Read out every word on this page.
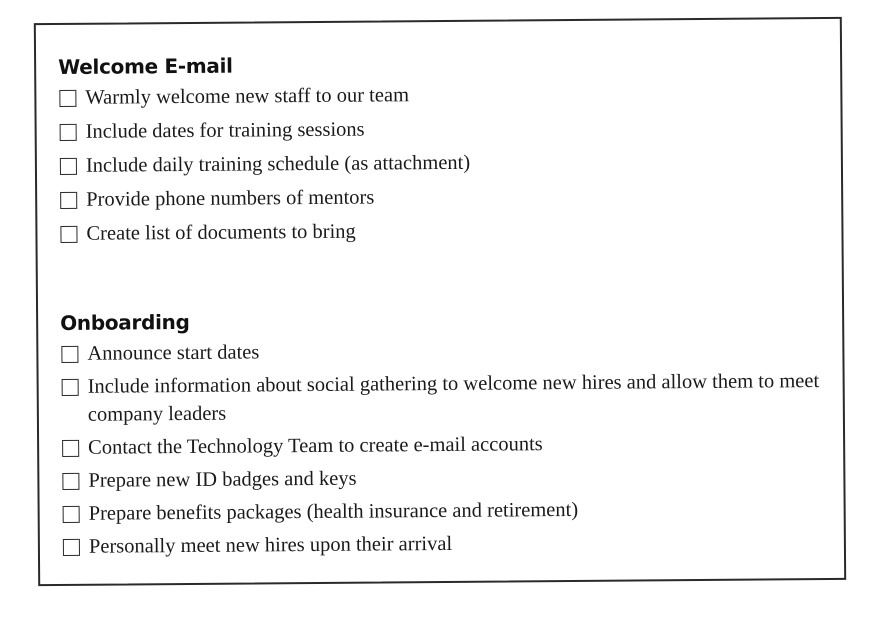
Welcome E-mail
Warmly welcome new staff to our team
Include dates for training sessions
Include daily training schedule (as attachment)
Provide phone numbers of mentors
Create list of documents to bring
Onboarding
Announce start dates
Include information about social gathering to welcome new hires and allow them to meet company leaders
Contact the Technology Team to create e-mail accounts
Prepare new ID badges and keys
Prepare benefits packages (health insurance and retirement)
Personally meet new hires upon their arrival
